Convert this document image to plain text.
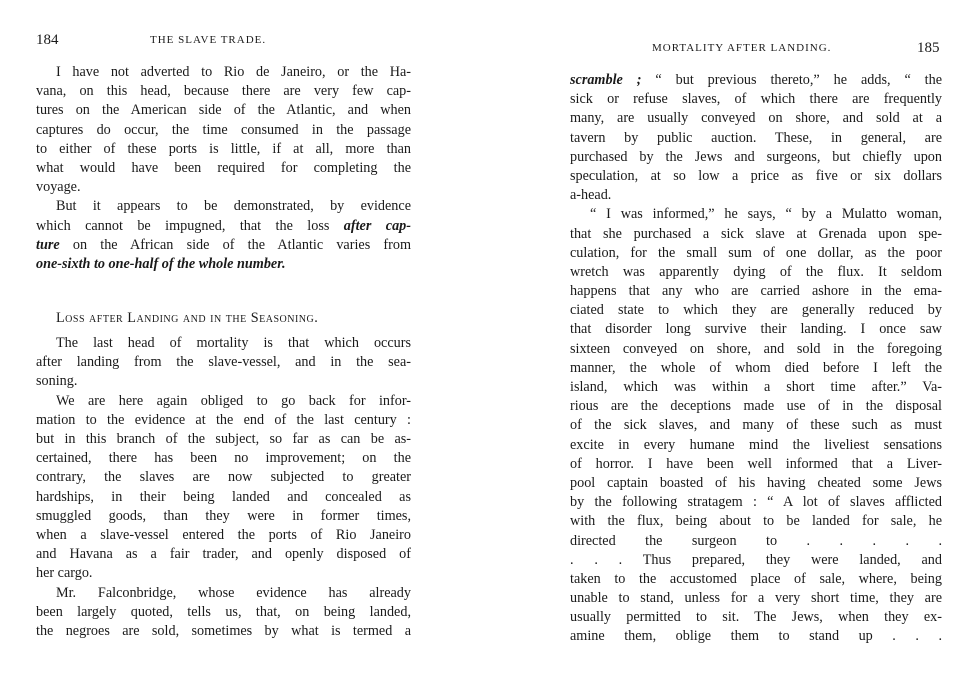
184	THE SLAVE TRADE.
I have not adverted to Rio de Janeiro, or the Ha-
vana, on this head, because there are very few cap-
tures on the American side of the Atlantic, and when
captures do occur, the time consumed in the passage
to either of these ports is little, if at all, more than
what would have been required for completing the
voyage.
But it appears to be demonstrated, by evidence
which cannot be impugned, that the loss after cap-
ture on the African side of the Atlantic varies from
one-sixth to one-half of the whole number.
Loss after Landing and in the Seasoning.
The last head of mortality is that which occurs
after landing from the slave-vessel, and in the sea-
soning.
We are here again obliged to go back for infor-
mation to the evidence at the end of the last century :
but in this branch of the subject, so far as can be as-
certained, there has been no improvement; on the
contrary, the slaves are now subjected to greater
hardships, in their being landed and concealed as
smuggled goods, than they were in former times,
when a slave-vessel entered the ports of Rio Janeiro
and Havana as a fair trader, and openly disposed of
her cargo.
Mr. Falconbridge, whose evidence has already
been largely quoted, tells us, that, on being landed,
the negroes are sold, sometimes by what is termed a
MORTALITY AFTER LANDING.	185
scramble ; “ but previous thereto,” he adds, “ the
sick or refuse slaves, of which there are frequently
many, are usually conveyed on shore, and sold at a
tavern by public auction. These, in general, are
purchased by the Jews and surgeons, but chiefly upon
speculation, at so low a price as five or six dollars
a-head.
“ I was informed,” he says, “ by a Mulatto woman,
that she purchased a sick slave at Grenada upon spe-
culation, for the small sum of one dollar, as the poor
wretch was apparently dying of the flux. It seldom
happens that any who are carried ashore in the ema-
ciated state to which they are generally reduced by
that disorder long survive their landing. I once saw
sixteen conveyed on shore, and sold in the foregoing
manner, the whole of whom died before I left the
island, which was within a short time after.” Va-
rious are the deceptions made use of in the disposal
of the sick slaves, and many of these such as must
excite in every humane mind the liveliest sensations
of horror. I have been well informed that a Liver-
pool captain boasted of his having cheated some Jews
by the following stratagem : “ A lot of slaves afflicted
with the flux, being about to be landed for sale, he
directed the surgeon to . . . . .
. . . Thus prepared, they were landed, and
taken to the accustomed place of sale, where, being
unable to stand, unless for a very short time, they are
usually permitted to sit. The Jews, when they ex-
amine them, oblige them to stand up . . .
